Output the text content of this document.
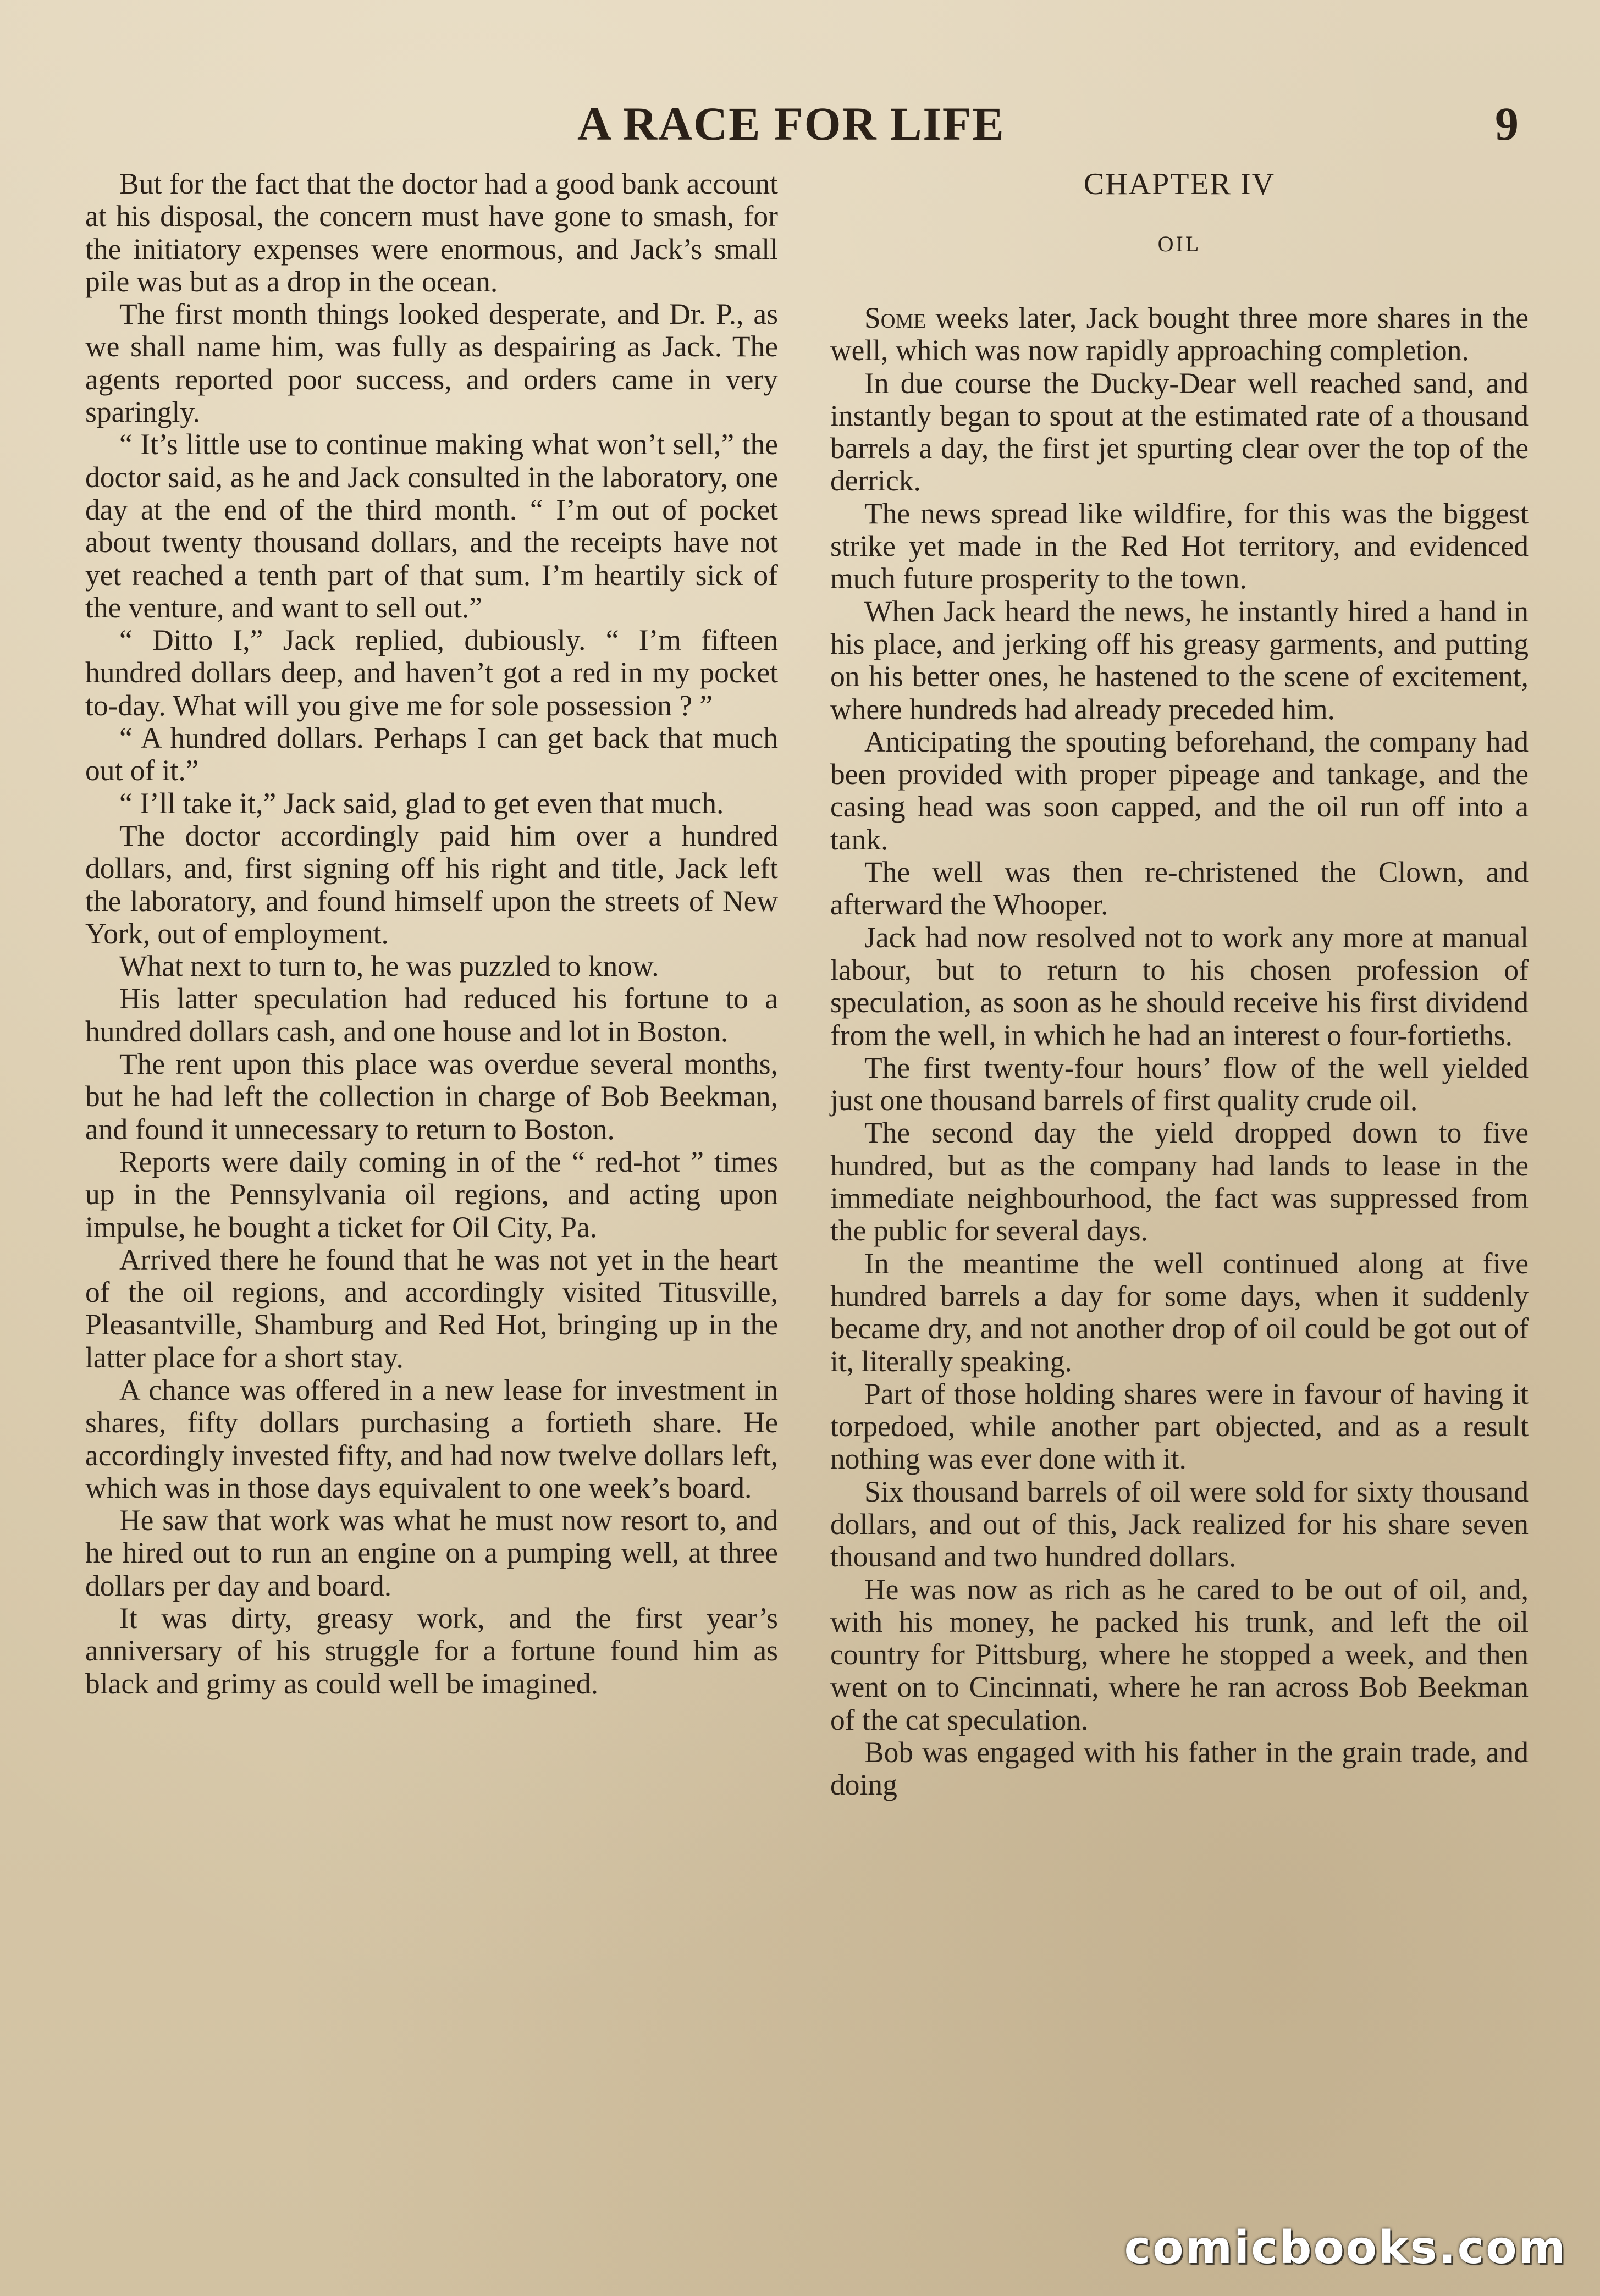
A RACE FOR LIFE	9

But for the fact that the doctor had a good bank account at his disposal, the concern must have gone to smash, for the initiatory expenses were enormous, and Jack’s small pile was but as a drop in the ocean.

The first month things looked desperate, and Dr. P., as we shall name him, was fully as despairing as Jack. The agents reported poor success, and orders came in very sparingly.

“ It’s little use to continue making what won’t sell,” the doctor said, as he and Jack consulted in the laboratory, one day at the end of the third month. “ I’m out of pocket about twenty thousand dollars, and the receipts have not yet reached a tenth part of that sum. I’m heartily sick of the venture, and want to sell out.”

“ Ditto I,” Jack replied, dubiously. “ I’m fifteen hundred dollars deep, and haven’t got a red in my pocket to-day. What will you give me for sole possession ? ”

“ A hundred dollars. Perhaps I can get back that much out of it.”

“ I’ll take it,” Jack said, glad to get even that much.

The doctor accordingly paid him over a hundred dollars, and, first signing off his right and title, Jack left the laboratory, and found himself upon the streets of New York, out of employment.

What next to turn to, he was puzzled to know.

His latter speculation had reduced his fortune to a hundred dollars cash, and one house and lot in Boston.

The rent upon this place was overdue several months, but he had left the collection in charge of Bob Beekman, and found it unnecessary to return to Boston.

Reports were daily coming in of the “ red-hot ” times up in the Pennsylvania oil regions, and acting upon impulse, he bought a ticket for Oil City, Pa.

Arrived there he found that he was not yet in the heart of the oil regions, and accordingly visited Titusville, Pleasantville, Shamburg and Red Hot, bringing up in the latter place for a short stay.

A chance was offered in a new lease for investment in shares, fifty dollars purchasing a fortieth share. He accordingly invested fifty, and had now twelve dollars left, which was in those days equivalent to one week’s board.

He saw that work was what he must now resort to, and he hired out to run an engine on a pumping well, at three dollars per day and board.

It was dirty, greasy work, and the first year’s anniversary of his struggle for a fortune found him as black and grimy as could well be imagined.

CHAPTER IV
OIL

Some weeks later, Jack bought three more shares in the well, which was now rapidly approaching completion.

In due course the Ducky-Dear well reached sand, and instantly began to spout at the estimated rate of a thousand barrels a day, the first jet spurting clear over the top of the derrick.

The news spread like wildfire, for this was the biggest strike yet made in the Red Hot territory, and evidenced much future prosperity to the town.

When Jack heard the news, he instantly hired a hand in his place, and jerking off his greasy garments, and putting on his better ones, he hastened to the scene of excitement, where hundreds had already preceded him.

Anticipating the spouting beforehand, the company had been provided with proper pipeage and tankage, and the casing head was soon capped, and the oil run off into a tank.

The well was then re-christened the Clown, and afterward the Whooper.

Jack had now resolved not to work any more at manual labour, but to return to his chosen profession of speculation, as soon as he should receive his first dividend from the well, in which he had an interest o four-fortieths.

The first twenty-four hours’ flow of the well yielded just one thousand barrels of first quality crude oil.

The second day the yield dropped down to five hundred, but as the company had lands to lease in the immediate neighbourhood, the fact was suppressed from the public for several days.

In the meantime the well continued along at five hundred barrels a day for some days, when it suddenly became dry, and not another drop of oil could be got out of it, literally speaking.

Part of those holding shares were in favour of having it torpedoed, while another part objected, and as a result nothing was ever done with it.

Six thousand barrels of oil were sold for sixty thousand dollars, and out of this, Jack realized for his share seven thousand and two hundred dollars.

He was now as rich as he cared to be out of oil, and, with his money, he packed his trunk, and left the oil country for Pittsburg, where he stopped a week, and then went on to Cincinnati, where he ran across Bob Beekman of the cat speculation.

Bob was engaged with his father in the grain trade, and doing

comicbooks.com
